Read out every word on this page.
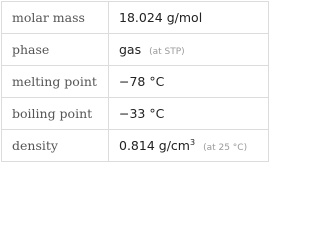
molar mass	18.024 g/mol
phase	gas (at STP)
melting point	−78 °C
boiling point	−33 °C
density	0.814 $g/cm^3(at$ 25 °C)
